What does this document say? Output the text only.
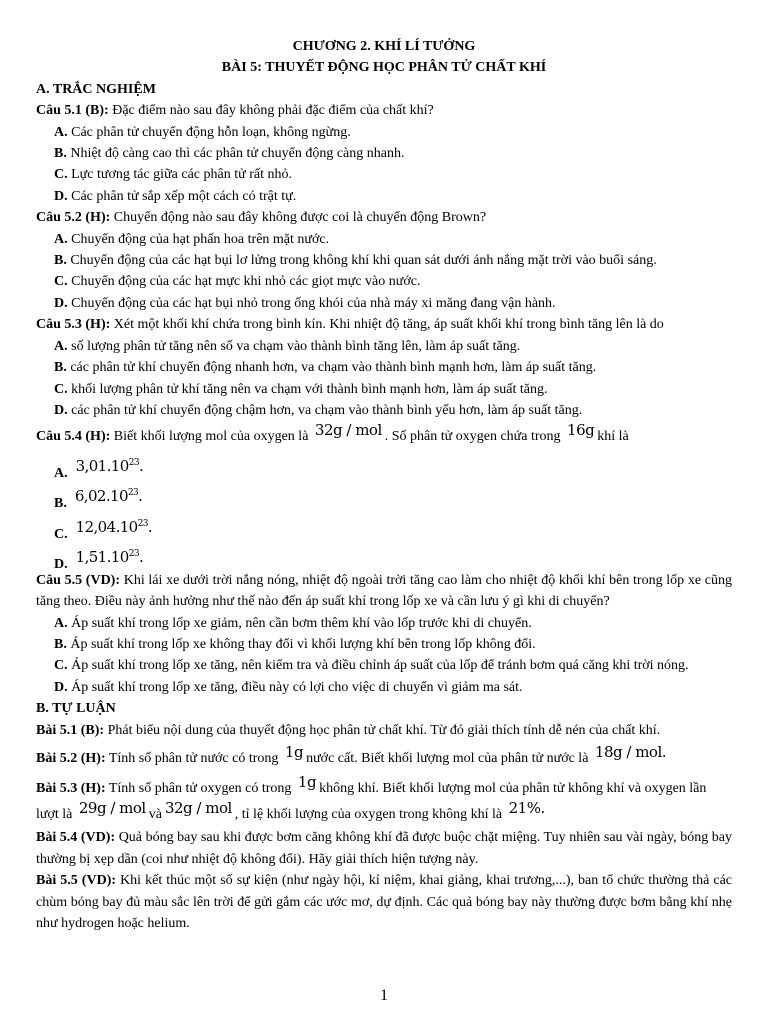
CHƯƠNG 2. KHÍ LÍ TƯỞNG
BÀI 5: THUYẾT ĐỘNG HỌC PHÂN TỬ CHẤT KHÍ
A. TRẮC NGHIỆM
Câu 5.1 (B): Đặc điểm nào sau đây không phải đặc điểm của chất khí?
A. Các phân tử chuyển động hỗn loạn, không ngừng.
B. Nhiệt độ càng cao thì các phân tử chuyển động càng nhanh.
C. Lực tương tác giữa các phân tử rất nhỏ.
D. Các phân tử sắp xếp một cách có trật tự.
Câu 5.2 (H): Chuyển động nào sau đây không được coi là chuyển động Brown?
A. Chuyển động của hạt phấn hoa trên mặt nước.
B. Chuyển động của các hạt bụi lơ lửng trong không khí khi quan sát dưới ánh nắng mặt trời vào buổi sáng.
C. Chuyển động của các hạt mực khi nhỏ các giọt mực vào nước.
D. Chuyển động của các hạt bụi nhỏ trong ống khói của nhà máy xi măng đang vận hành.
Câu 5.3 (H): Xét một khối khí chứa trong bình kín. Khi nhiệt độ tăng, áp suất khối khí trong bình tăng lên là do
A. số lượng phân tử tăng nên số va chạm vào thành bình tăng lên, làm áp suất tăng.
B. các phân tử khí chuyển động nhanh hơn, va chạm vào thành bình mạnh hơn, làm áp suất tăng.
C. khối lượng phân tử khí tăng nên va chạm với thành bình mạnh hơn, làm áp suất tăng.
D. các phân tử khí chuyển động chậm hơn, va chạm vào thành bình yếu hơn, làm áp suất tăng.
Câu 5.4 (H): Biết khối lượng mol của oxygen là 32g / mol . Số phân tử oxygen chứa trong 16g khí là
A. 3,01.10$^{23}$.
B. 6,02.10$^{23}$.
C. 12,04.10$^{23}$.
D. 1,51.10$^{23}$.
Câu 5.5 (VD): Khi lái xe dưới trời nắng nóng, nhiệt độ ngoài trời tăng cao làm cho nhiệt độ khối khí bên trong lốp xe cũng tăng theo. Điều này ảnh hưởng như thế nào đến áp suất khí trong lốp xe và cần lưu ý gì khi di chuyển?
A. Áp suất khí trong lốp xe giảm, nên cần bơm thêm khí vào lốp trước khi di chuyển.
B. Áp suất khí trong lốp xe không thay đổi vì khối lượng khí bên trong lốp không đổi.
C. Áp suất khí trong lốp xe tăng, nên kiểm tra và điều chỉnh áp suất của lốp để tránh bơm quá căng khi trời nóng.
D. Áp suất khí trong lốp xe tăng, điều này có lợi cho việc di chuyển vì giảm ma sát.
B. TỰ LUẬN
Bài 5.1 (B): Phát biểu nội dung của thuyết động học phân tử chất khí. Từ đó giải thích tính dễ nén của chất khí.
Bài 5.2 (H): Tính số phân tử nước có trong 1g nước cất. Biết khối lượng mol của phân tử nước là 18g / mol.
Bài 5.3 (H): Tính số phân tử oxygen có trong 1g không khí. Biết khối lượng mol của phân tử không khí và oxygen lần lượt là 29g / mol và 32g / mol , tỉ lệ khối lượng của oxygen trong không khí là 21%.
Bài 5.4 (VD): Quả bóng bay sau khi được bơm căng không khí đã được buộc chặt miệng. Tuy nhiên sau vài ngày, bóng bay thường bị xẹp dần (coi như nhiệt độ không đổi). Hãy giải thích hiện tượng này.
Bài 5.5 (VD): Khi kết thúc một số sự kiện (như ngày hội, kỉ niệm, khai giảng, khai trương,...), ban tổ chức thường thả các chùm bóng bay đủ màu sắc lên trời để gửi gắm các ước mơ, dự định. Các quả bóng bay này thường được bơm bằng khí nhẹ như hydrogen hoặc helium.
1
